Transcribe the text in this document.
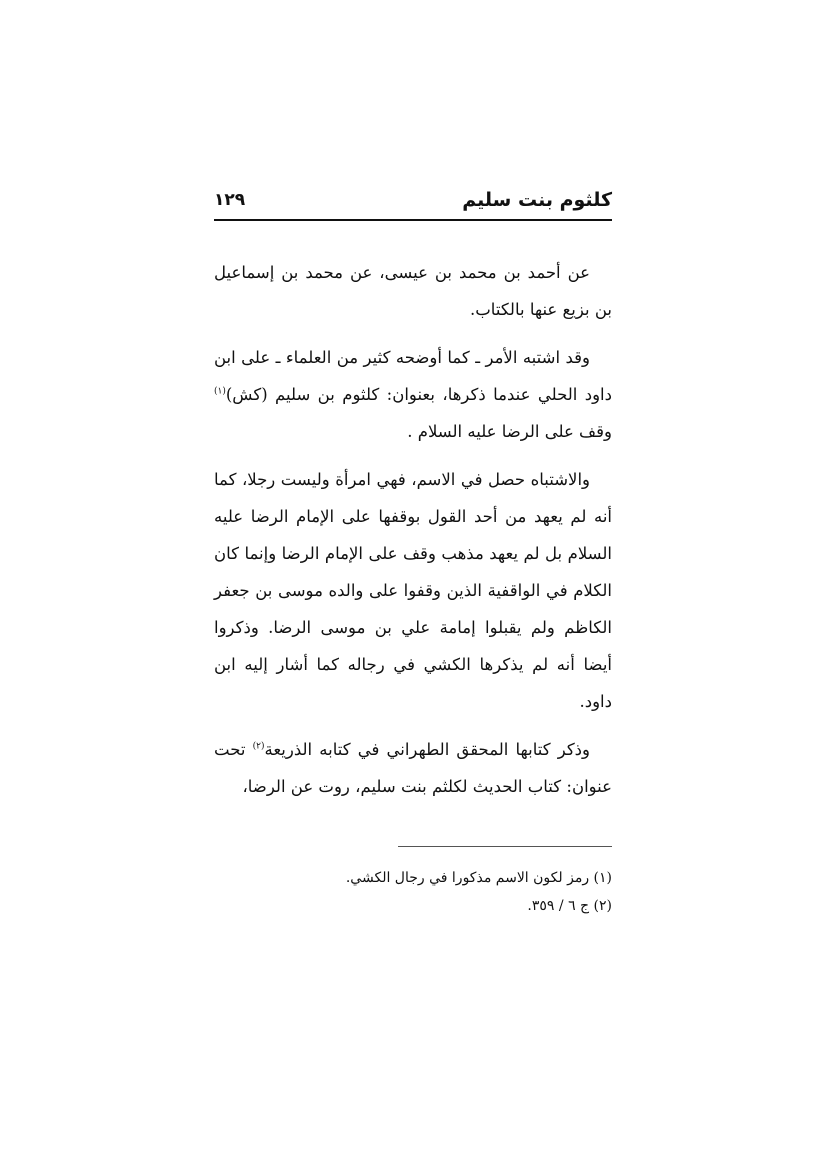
كلثوم بنت سليم
١٢٩

عن أحمد بن محمد بن عيسى، عن محمد بن إسماعيل بن بزيع عنها بالكتاب.

وقد اشتبه الأمر ـ كما أوضحه كثير من العلماء ـ على ابن داود الحلي عندما ذكرها، بعنوان: كلثوم بن سليم (كش)$^{(١)}$ وقف على الرضا عليه السلام .

والاشتباه حصل في الاسم، فهي امرأة وليست رجلا، كما أنه لم يعهد من أحد القول بوقفها على الإمام الرضا عليه السلام بل لم يعهد مذهب وقف على الإمام الرضا وإنما كان الكلام في الواقفية الذين وقفوا على والده موسى بن جعفر الكاظم ولم يقبلوا إمامة علي بن موسى الرضا. وذكروا أيضا أنه لم يذكرها الكشي في رجاله كما أشار إليه ابن داود.

وذكر كتابها المحقق الطهراني في كتابه الذريعة$^{(٢)}$ تحت عنوان: كتاب الحديث لكلثم بنت سليم، روت عن الرضا،

(١) رمز لكون الاسم مذكورا في رجال الكشي.

(٢) ج ٦ / ٣٥٩.
